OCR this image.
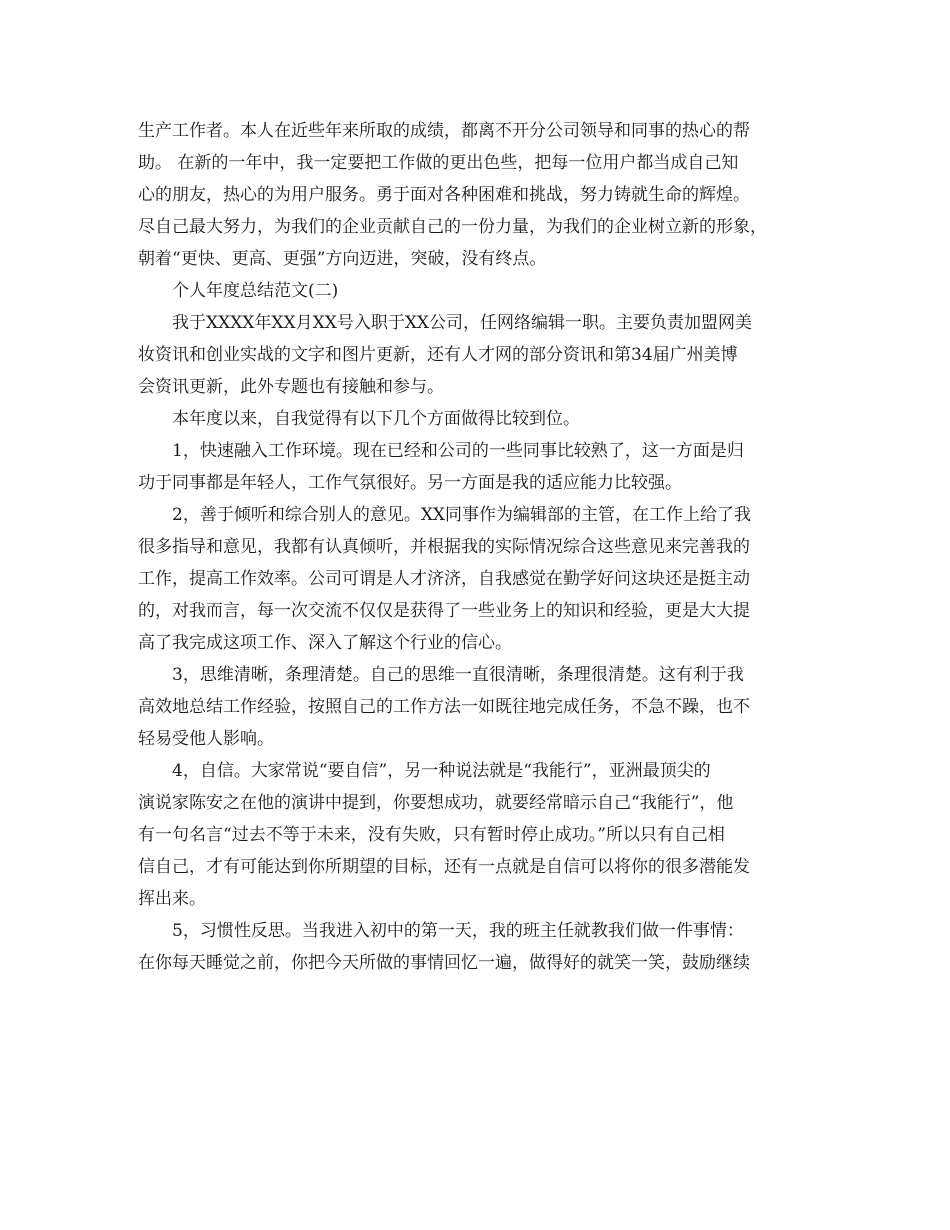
生产工作者。本人在近些年来所取的成绩，都离不开分公司领导和同事的热心的帮
助。 在新的一年中，我一定要把工作做的更出色些，把每一位用户都当成自己知
心的朋友，热心的为用户服务。勇于面对各种困难和挑战，努力铸就生命的辉煌。
尽自己最大努力，为我们的企业贡献自己的一份力量，为我们的企业树立新的形象，
朝着“更快、更高、更强”方向迈进，突破，没有终点。
个人年度总结范文(二)
我于XXXX年XX月XX号入职于XX公司，任网络编辑一职。主要负责加盟网美
妆资讯和创业实战的文字和图片更新，还有人才网的部分资讯和第34届广州美博
会资讯更新，此外专题也有接触和参与。
本年度以来，自我觉得有以下几个方面做得比较到位。
1，快速融入工作环境。现在已经和公司的一些同事比较熟了，这一方面是归
功于同事都是年轻人，工作气氛很好。另一方面是我的适应能力比较强。
2，善于倾听和综合别人的意见。XX同事作为编辑部的主管，在工作上给了我
很多指导和意见，我都有认真倾听，并根据我的实际情况综合这些意见来完善我的
工作，提高工作效率。公司可谓是人才济济，自我感觉在勤学好问这块还是挺主动
的，对我而言，每一次交流不仅仅是获得了一些业务上的知识和经验，更是大大提
高了我完成这项工作、深入了解这个行业的信心。
3，思维清晰，条理清楚。自己的思维一直很清晰，条理很清楚。这有利于我
高效地总结工作经验，按照自己的工作方法一如既往地完成任务，不急不躁，也不
轻易受他人影响。
4，自信。大家常说“要自信”，另一种说法就是“我能行”，亚洲最顶尖的
演说家陈安之在他的演讲中提到，你要想成功，就要经常暗示自己“我能行”，他
有一句名言“过去不等于未来，没有失败，只有暂时停止成功。”所以只有自己相
信自己，才有可能达到你所期望的目标，还有一点就是自信可以将你的很多潜能发
挥出来。
5，习惯性反思。当我进入初中的第一天，我的班主任就教我们做一件事情：
在你每天睡觉之前，你把今天所做的事情回忆一遍，做得好的就笑一笑，鼓励继续
